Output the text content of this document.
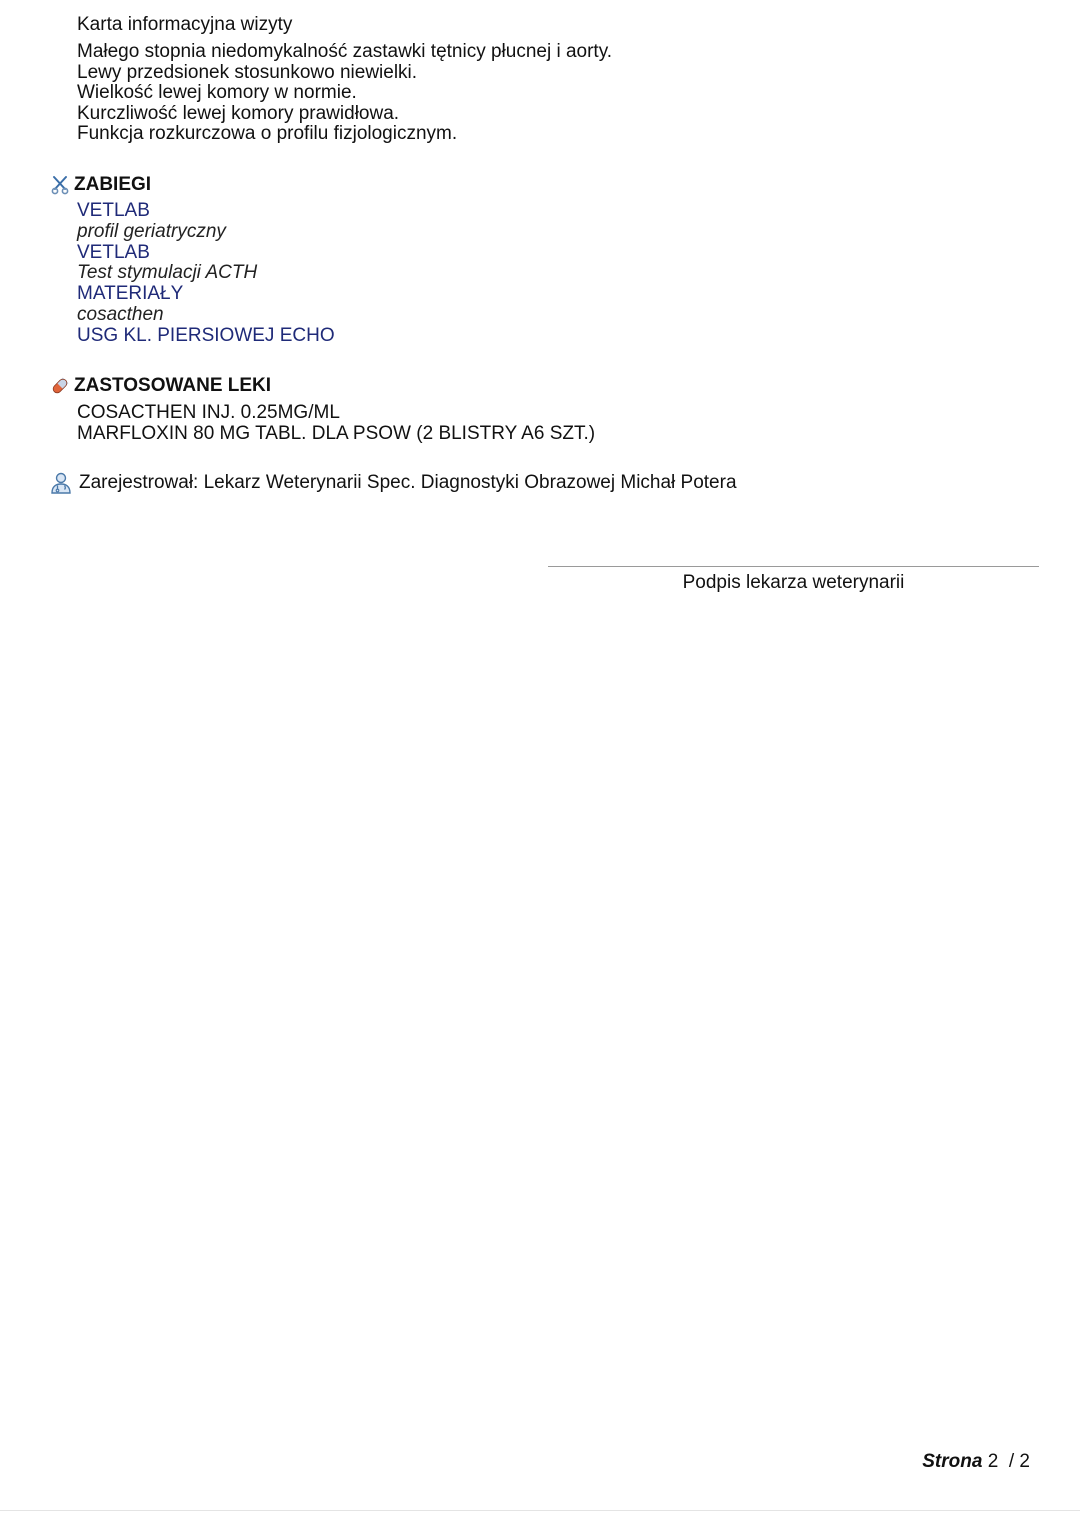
Karta informacyjna wizyty
Małego stopnia niedomykalność zastawki tętnicy płucnej i aorty.
Lewy przedsionek stosunkowo niewielki.
Wielkość lewej komory w normie.
Kurczliwość lewej komory prawidłowa.
Funkcja rozkurczowa o profilu fizjologicznym.
ZABIEGI
VETLAB
profil geriatryczny
VETLAB
Test stymulacji ACTH
MATERIAŁY
cosacthen
USG KL. PIERSIOWEJ ECHO
ZASTOSOWANE LEKI
COSACTHEN INJ. 0.25MG/ML
MARFLOXIN 80 MG TABL. DLA PSOW (2 BLISTRY A6 SZT.)
Zarejestrował: Lekarz Weterynarii Spec. Diagnostyki Obrazowej Michał Potera
Podpis lekarza weterynarii
Strona 2 / 2
